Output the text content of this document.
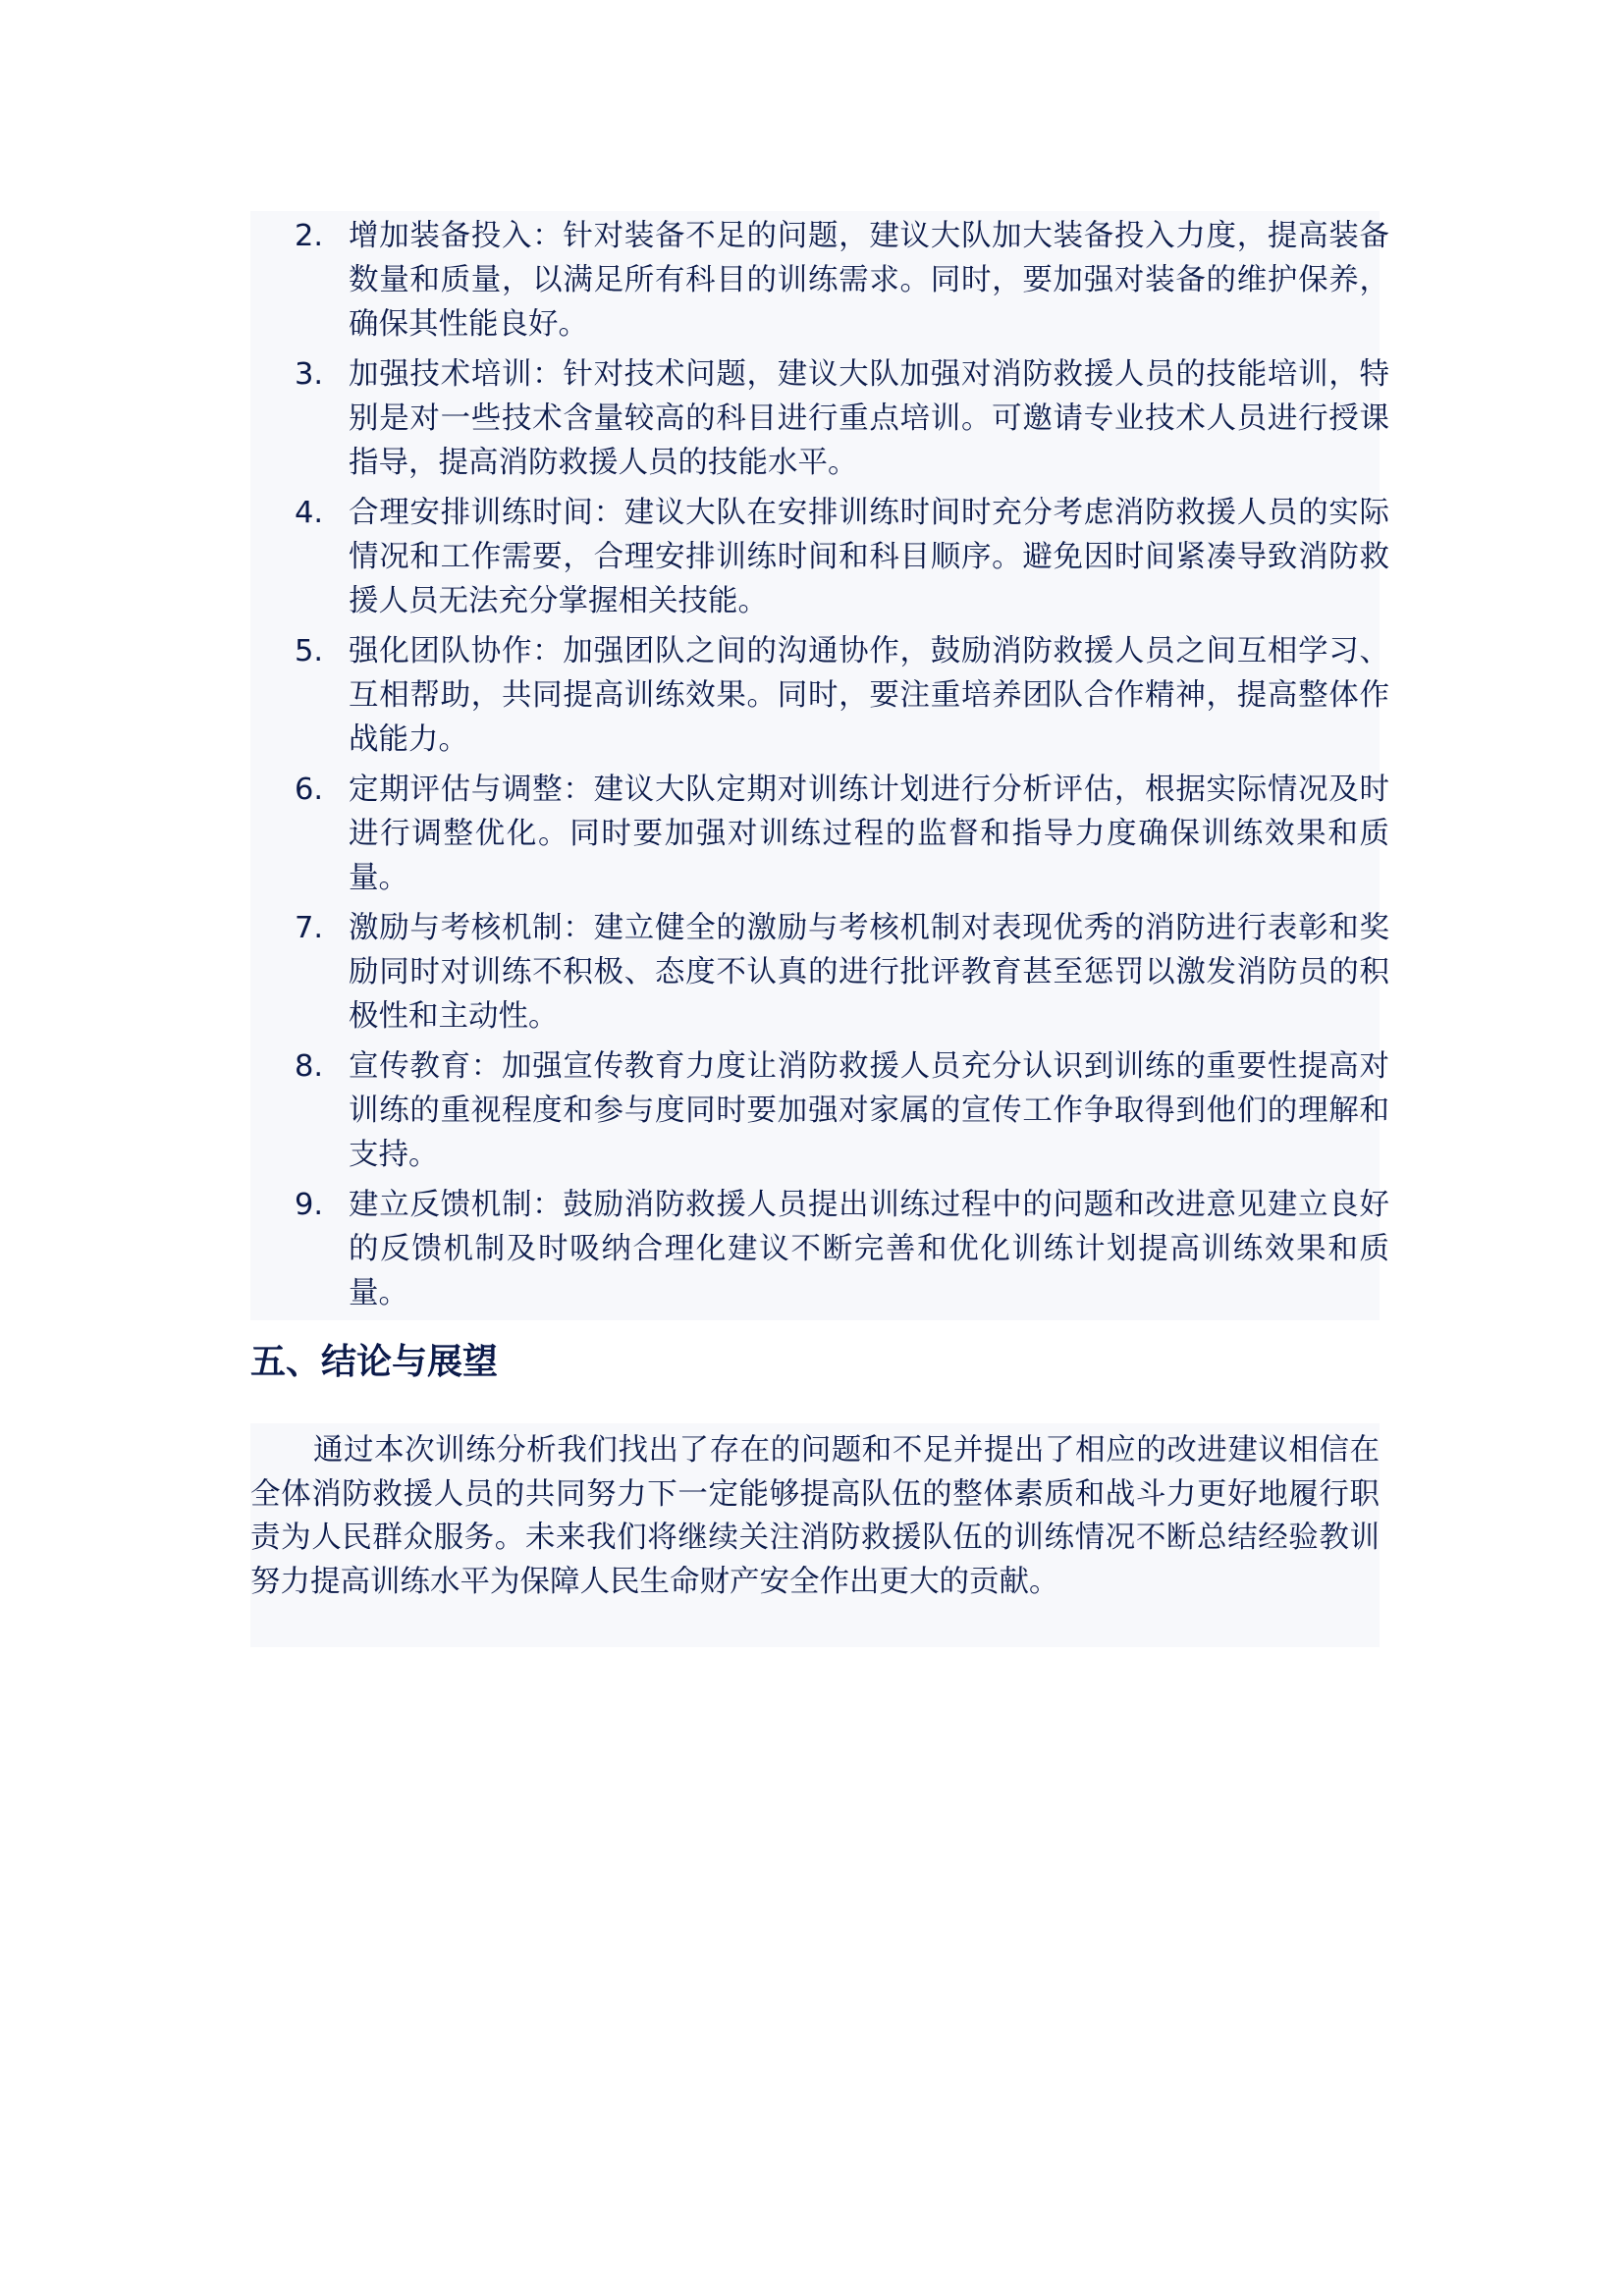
2. 增加装备投入：针对装备不足的问题，建议大队加大装备投入力度，提高装备数量和质量，以满足所有科目的训练需求。同时，要加强对装备的维护保养，确保其性能良好。
3. 加强技术培训：针对技术问题，建议大队加强对消防救援人员的技能培训，特别是对一些技术含量较高的科目进行重点培训。可邀请专业技术人员进行授课指导，提高消防救援人员的技能水平。
4. 合理安排训练时间：建议大队在安排训练时间时充分考虑消防救援人员的实际情况和工作需要，合理安排训练时间和科目顺序。避免因时间紧凑导致消防救援人员无法充分掌握相关技能。
5. 强化团队协作：加强团队之间的沟通协作，鼓励消防救援人员之间互相学习、互相帮助，共同提高训练效果。同时，要注重培养团队合作精神，提高整体作战能力。
6. 定期评估与调整：建议大队定期对训练计划进行分析评估，根据实际情况及时进行调整优化。同时要加强对训练过程的监督和指导力度确保训练效果和质量。
7. 激励与考核机制：建立健全的激励与考核机制对表现优秀的消防进行表彰和奖励同时对训练不积极、态度不认真的进行批评教育甚至惩罚以激发消防员的积极性和主动性。
8. 宣传教育：加强宣传教育力度让消防救援人员充分认识到训练的重要性提高对训练的重视程度和参与度同时要加强对家属的宣传工作争取得到他们的理解和支持。
9. 建立反馈机制：鼓励消防救援人员提出训练过程中的问题和改进意见建立良好的反馈机制及时吸纳合理化建议不断完善和优化训练计划提高训练效果和质量。
五、结论与展望

通过本次训练分析我们找出了存在的问题和不足并提出了相应的改进建议相信在全体消防救援人员的共同努力下一定能够提高队伍的整体素质和战斗力更好地履行职责为人民群众服务。未来我们将继续关注消防救援队伍的训练情况不断总结经验教训努力提高训练水平为保障人民生命财产安全作出更大的贡献。
